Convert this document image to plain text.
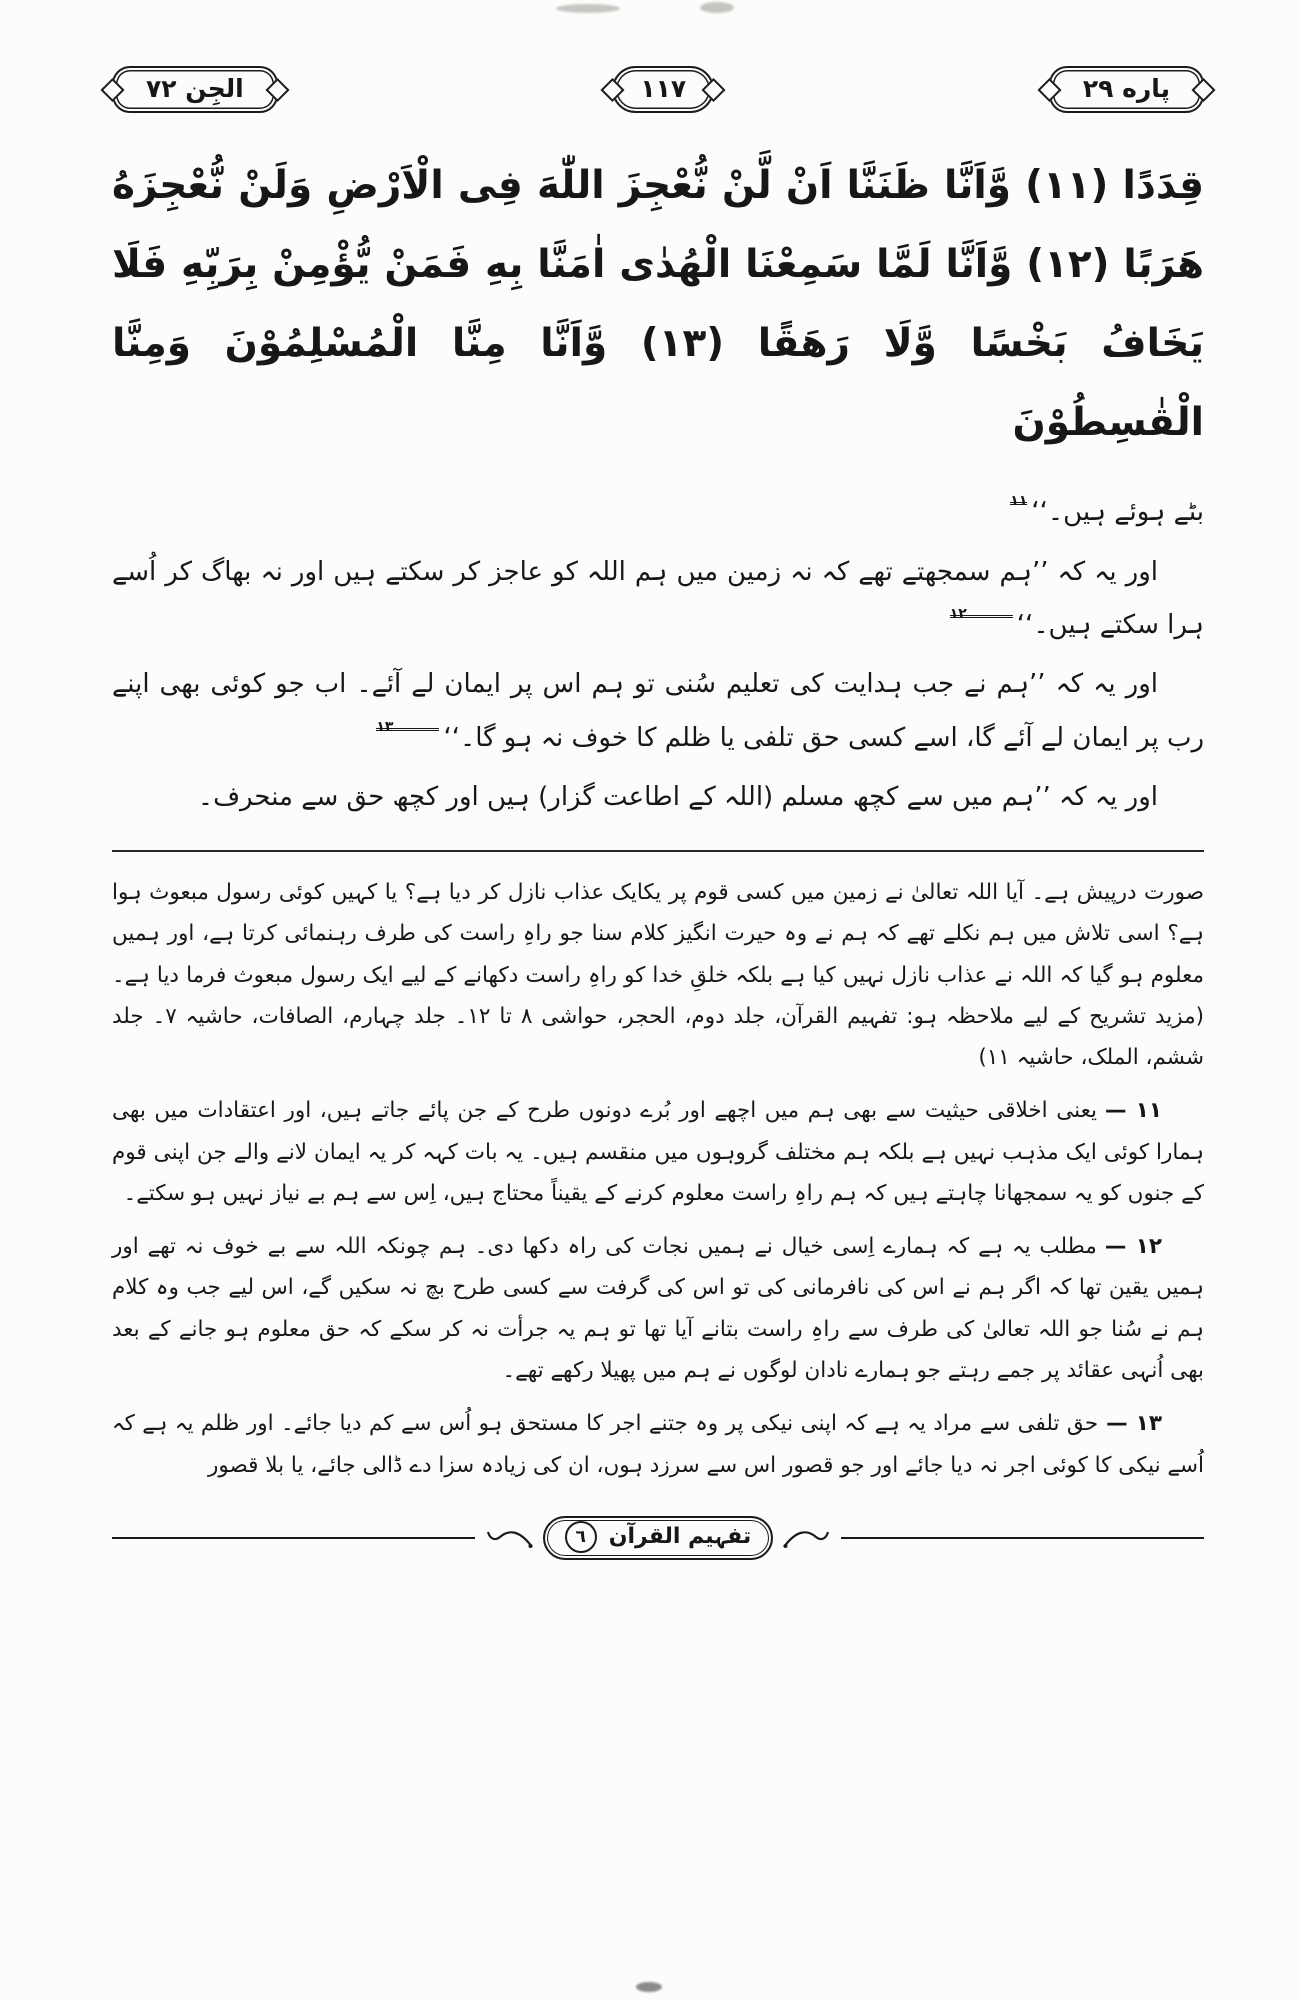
پاره ۲۹
١١٧
الجِن ۷۲
قِدَدًا (۱۱) وَّاَنَّا ظَنَنَّا اَنْ لَّنْ نُّعْجِزَ اللّٰهَ فِی الْاَرْضِ وَلَنْ نُّعْجِزَهُ
هَرَبًا (۱۲) وَّاَنَّا لَمَّا سَمِعْنَا الْهُدٰی اٰمَنَّا بِهِ فَمَنْ یُّؤْمِنْ بِرَبِّهِ فَلَا
یَخَافُ بَخْسًا وَّلَا رَهَقًا (۱۳) وَّاَنَّا مِنَّا الْمُسْلِمُوْنَ وَمِنَّا الْقٰسِطُوْنَ

بٹے ہوئے ہیں۔‘‘۱۱

اور یہ کہ ’’ہم سمجھتے تھے کہ نہ زمین میں ہم اللہ کو عاجز کر سکتے ہیں اور نہ بھاگ کر اُسے ہرا سکتے ہیں۔‘‘۱۲

اور یہ کہ ’’ہم نے جب ہدایت کی تعلیم سُنی تو ہم اس پر ایمان لے آئے۔ اب جو کوئی بھی اپنے رب پر ایمان لے آئے گا، اسے کسی حق تلفی یا ظلم کا خوف نہ ہو گا۔‘‘۱۳

اور یہ کہ ’’ہم میں سے کچھ مسلم (اللہ کے اطاعت گزار) ہیں اور کچھ حق سے منحرف۔

صورت درپیش ہے۔ آیا اللہ تعالیٰ نے زمین میں کسی قوم پر یکایک عذاب نازل کر دیا ہے؟ یا کہیں کوئی رسول مبعوث ہوا ہے؟ اسی تلاش میں ہم نکلے تھے کہ ہم نے وہ حیرت انگیز کلام سنا جو راہِ راست کی طرف رہنمائی کرتا ہے، اور ہمیں معلوم ہو گیا کہ اللہ نے عذاب نازل نہیں کیا ہے بلکہ خلقِ خدا کو راہِ راست دکھانے کے لیے ایک رسول مبعوث فرما دیا ہے۔ (مزید تشریح کے لیے ملاحظہ ہو: تفہیم القرآن، جلد دوم، الحجر، حواشی ۸ تا ۱۲۔ جلد چہارم، الصافات، حاشیہ ۷۔ جلد ششم، الملک، حاشیہ ۱۱)

۱۱ —یعنی اخلاقی حیثیت سے بھی ہم میں اچھے اور بُرے دونوں طرح کے جن پائے جاتے ہیں، اور اعتقادات میں بھی ہمارا کوئی ایک مذہب نہیں ہے بلکہ ہم مختلف گروہوں میں منقسم ہیں۔ یہ بات کہہ کر یہ ایمان لانے والے جن اپنی قوم کے جنوں کو یہ سمجھانا چاہتے ہیں کہ ہم راہِ راست معلوم کرنے کے یقیناً محتاج ہیں، اِس سے ہم بے نیاز نہیں ہو سکتے۔

۱۲ —مطلب یہ ہے کہ ہمارے اِسی خیال نے ہمیں نجات کی راہ دکھا دی۔ ہم چونکہ اللہ سے بے خوف نہ تھے اور ہمیں یقین تھا کہ اگر ہم نے اس کی نافرمانی کی تو اس کی گرفت سے کسی طرح بچ نہ سکیں گے، اس لیے جب وہ کلام ہم نے سُنا جو اللہ تعالیٰ کی طرف سے راہِ راست بتانے آیا تھا تو ہم یہ جرأت نہ کر سکے کہ حق معلوم ہو جانے کے بعد بھی اُنہی عقائد پر جمے رہتے جو ہمارے نادان لوگوں نے ہم میں پھیلا رکھے تھے۔

۱۳ —حق تلفی سے مراد یہ ہے کہ اپنی نیکی پر وہ جتنے اجر کا مستحق ہو اُس سے کم دیا جائے۔ اور ظلم یہ ہے کہ اُسے نیکی کا کوئی اجر نہ دیا جائے اور جو قصور اس سے سرزد ہوں، ان کی زیادہ سزا دے ڈالی جائے، یا بلا قصور

تفہیم القرآن
٦
